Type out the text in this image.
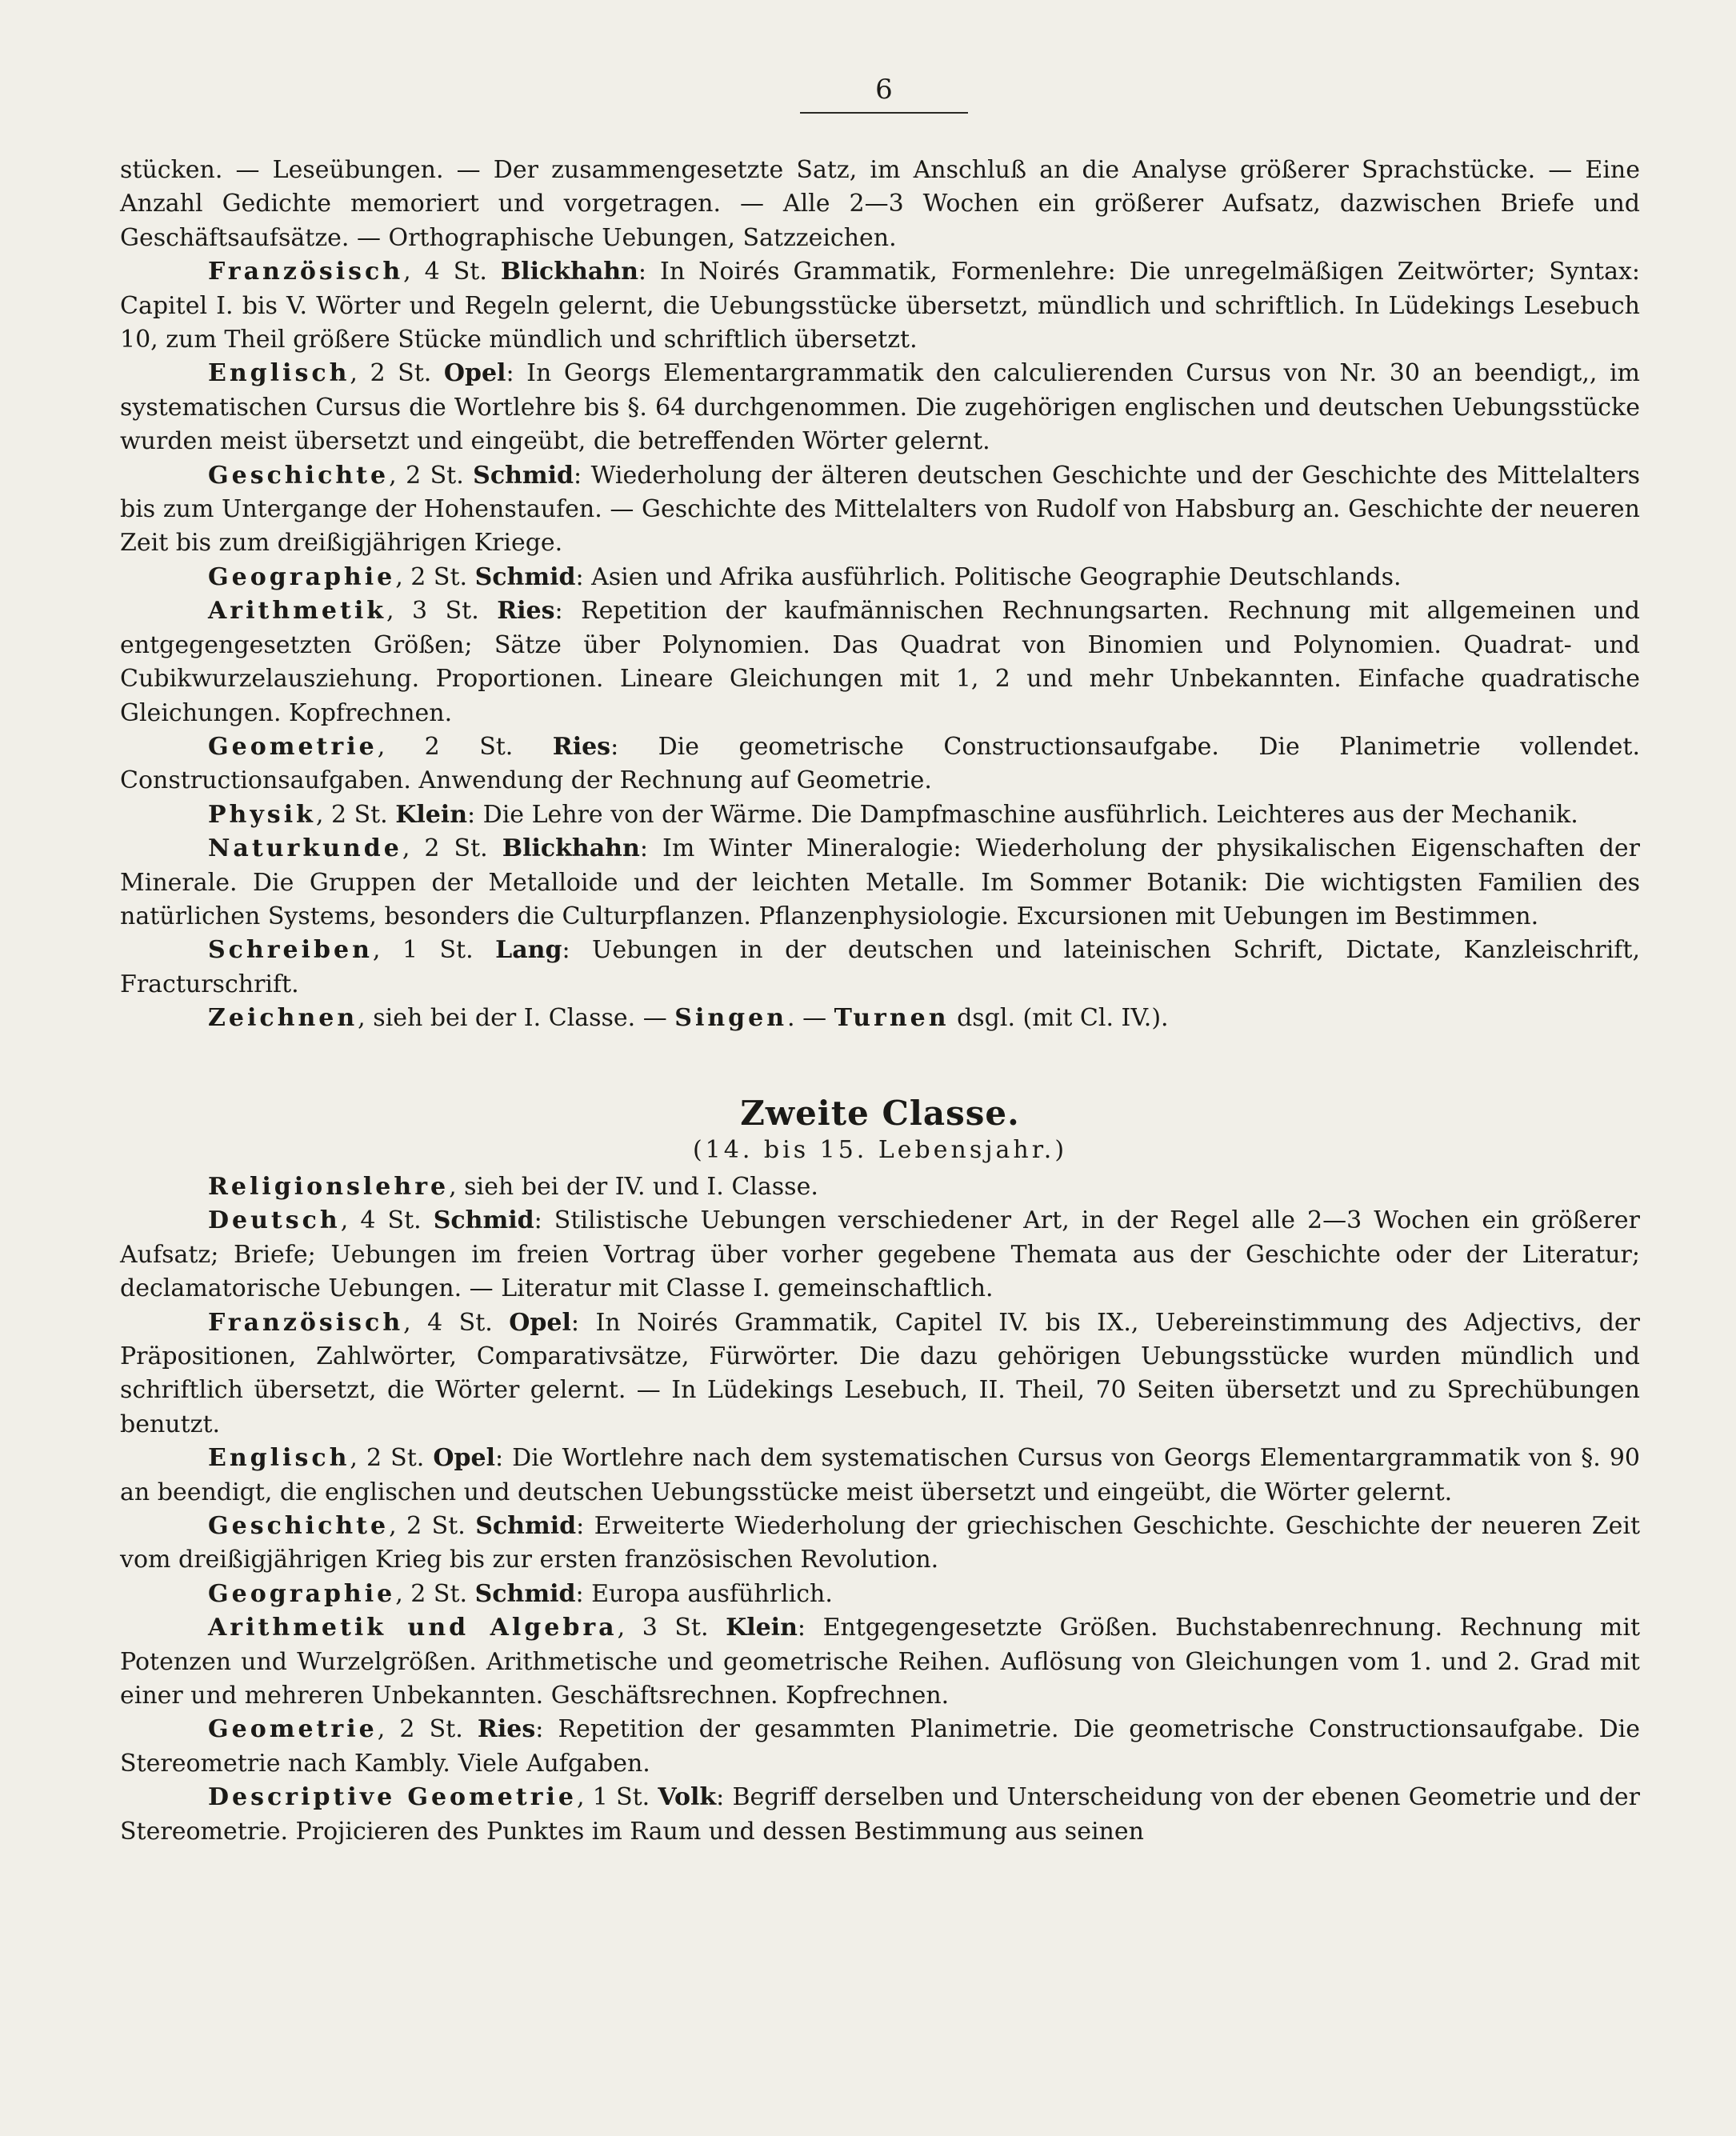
6

stücken. — Leseübungen. — Der zusammengesetzte Satz, im Anschluß an die Analyse größerer Sprachstücke. — Eine Anzahl Gedichte memoriert und vorgetragen. — Alle 2—3 Wochen ein größerer Aufsatz, dazwischen Briefe und Geschäftsaufsätze. — Orthographische Uebungen, Satzzeichen.

Französisch, 4 St. Blickhahn: In Noirés Grammatik, Formenlehre: Die unregelmäßigen Zeitwörter; Syntax: Capitel I. bis V. Wörter und Regeln gelernt, die Uebungsstücke übersetzt, mündlich und schriftlich. In Lüdekings Lesebuch 10, zum Theil größere Stücke mündlich und schriftlich übersetzt.

Englisch, 2 St. Opel: In Georgs Elementargrammatik den calculierenden Cursus von Nr. 30 an beendigt,, im systematischen Cursus die Wortlehre bis §. 64 durchgenommen. Die zugehörigen englischen und deutschen Uebungsstücke wurden meist übersetzt und eingeübt, die betreffenden Wörter gelernt.

Geschichte, 2 St. Schmid: Wiederholung der älteren deutschen Geschichte und der Geschichte des Mittelalters bis zum Untergange der Hohenstaufen. — Geschichte des Mittelalters von Rudolf von Habsburg an. Geschichte der neueren Zeit bis zum dreißigjährigen Kriege.

Geographie, 2 St. Schmid: Asien und Afrika ausführlich. Politische Geographie Deutschlands.

Arithmetik, 3 St. Ries: Repetition der kaufmännischen Rechnungsarten. Rechnung mit allgemeinen und entgegengesetzten Größen; Sätze über Polynomien. Das Quadrat von Binomien und Polynomien. Quadrat- und Cubikwurzelausziehung. Proportionen. Lineare Gleichungen mit 1, 2 und mehr Unbekannten. Einfache quadratische Gleichungen. Kopfrechnen.

Geometrie, 2 St. Ries: Die geometrische Constructionsaufgabe. Die Planimetrie vollendet. Constructionsaufgaben. Anwendung der Rechnung auf Geometrie.

Physik, 2 St. Klein: Die Lehre von der Wärme. Die Dampfmaschine ausführlich. Leichteres aus der Mechanik.

Naturkunde, 2 St. Blickhahn: Im Winter Mineralogie: Wiederholung der physikalischen Eigenschaften der Minerale. Die Gruppen der Metalloide und der leichten Metalle. Im Sommer Botanik: Die wichtigsten Familien des natürlichen Systems, besonders die Culturpflanzen. Pflanzenphysiologie. Excursionen mit Uebungen im Bestimmen.

Schreiben, 1 St. Lang: Uebungen in der deutschen und lateinischen Schrift, Dictate, Kanzleischrift, Fracturschrift.

Zeichnen, sieh bei der I. Classe. — Singen. — Turnen dsgl. (mit Cl. IV.).

Zweite Classe.

(14. bis 15. Lebensjahr.)

Religionslehre, sieh bei der IV. und I. Classe.

Deutsch, 4 St. Schmid: Stilistische Uebungen verschiedener Art, in der Regel alle 2—3 Wochen ein größerer Aufsatz; Briefe; Uebungen im freien Vortrag über vorher gegebene Themata aus der Geschichte oder der Literatur; declamatorische Uebungen. — Literatur mit Classe I. gemeinschaftlich.

Französisch, 4 St. Opel: In Noirés Grammatik, Capitel IV. bis IX., Uebereinstimmung des Adjectivs, der Präpositionen, Zahlwörter, Comparativsätze, Fürwörter. Die dazu gehörigen Uebungsstücke wurden mündlich und schriftlich übersetzt, die Wörter gelernt. — In Lüdekings Lesebuch, II. Theil, 70 Seiten übersetzt und zu Sprechübungen benutzt.

Englisch, 2 St. Opel: Die Wortlehre nach dem systematischen Cursus von Georgs Elementargrammatik von §. 90 an beendigt, die englischen und deutschen Uebungsstücke meist übersetzt und eingeübt, die Wörter gelernt.

Geschichte, 2 St. Schmid: Erweiterte Wiederholung der griechischen Geschichte. Geschichte der neueren Zeit vom dreißigjährigen Krieg bis zur ersten französischen Revolution.

Geographie, 2 St. Schmid: Europa ausführlich.

Arithmetik und Algebra, 3 St. Klein: Entgegengesetzte Größen. Buchstabenrechnung. Rechnung mit Potenzen und Wurzelgrößen. Arithmetische und geometrische Reihen. Auflösung von Gleichungen vom 1. und 2. Grad mit einer und mehreren Unbekannten. Geschäftsrechnen. Kopfrechnen.

Geometrie, 2 St. Ries: Repetition der gesammten Planimetrie. Die geometrische Constructionsaufgabe. Die Stereometrie nach Kambly. Viele Aufgaben.

Descriptive Geometrie, 1 St. Volk: Begriff derselben und Unterscheidung von der ebenen Geometrie und der Stereometrie. Projicieren des Punktes im Raum und dessen Bestimmung aus seinen
